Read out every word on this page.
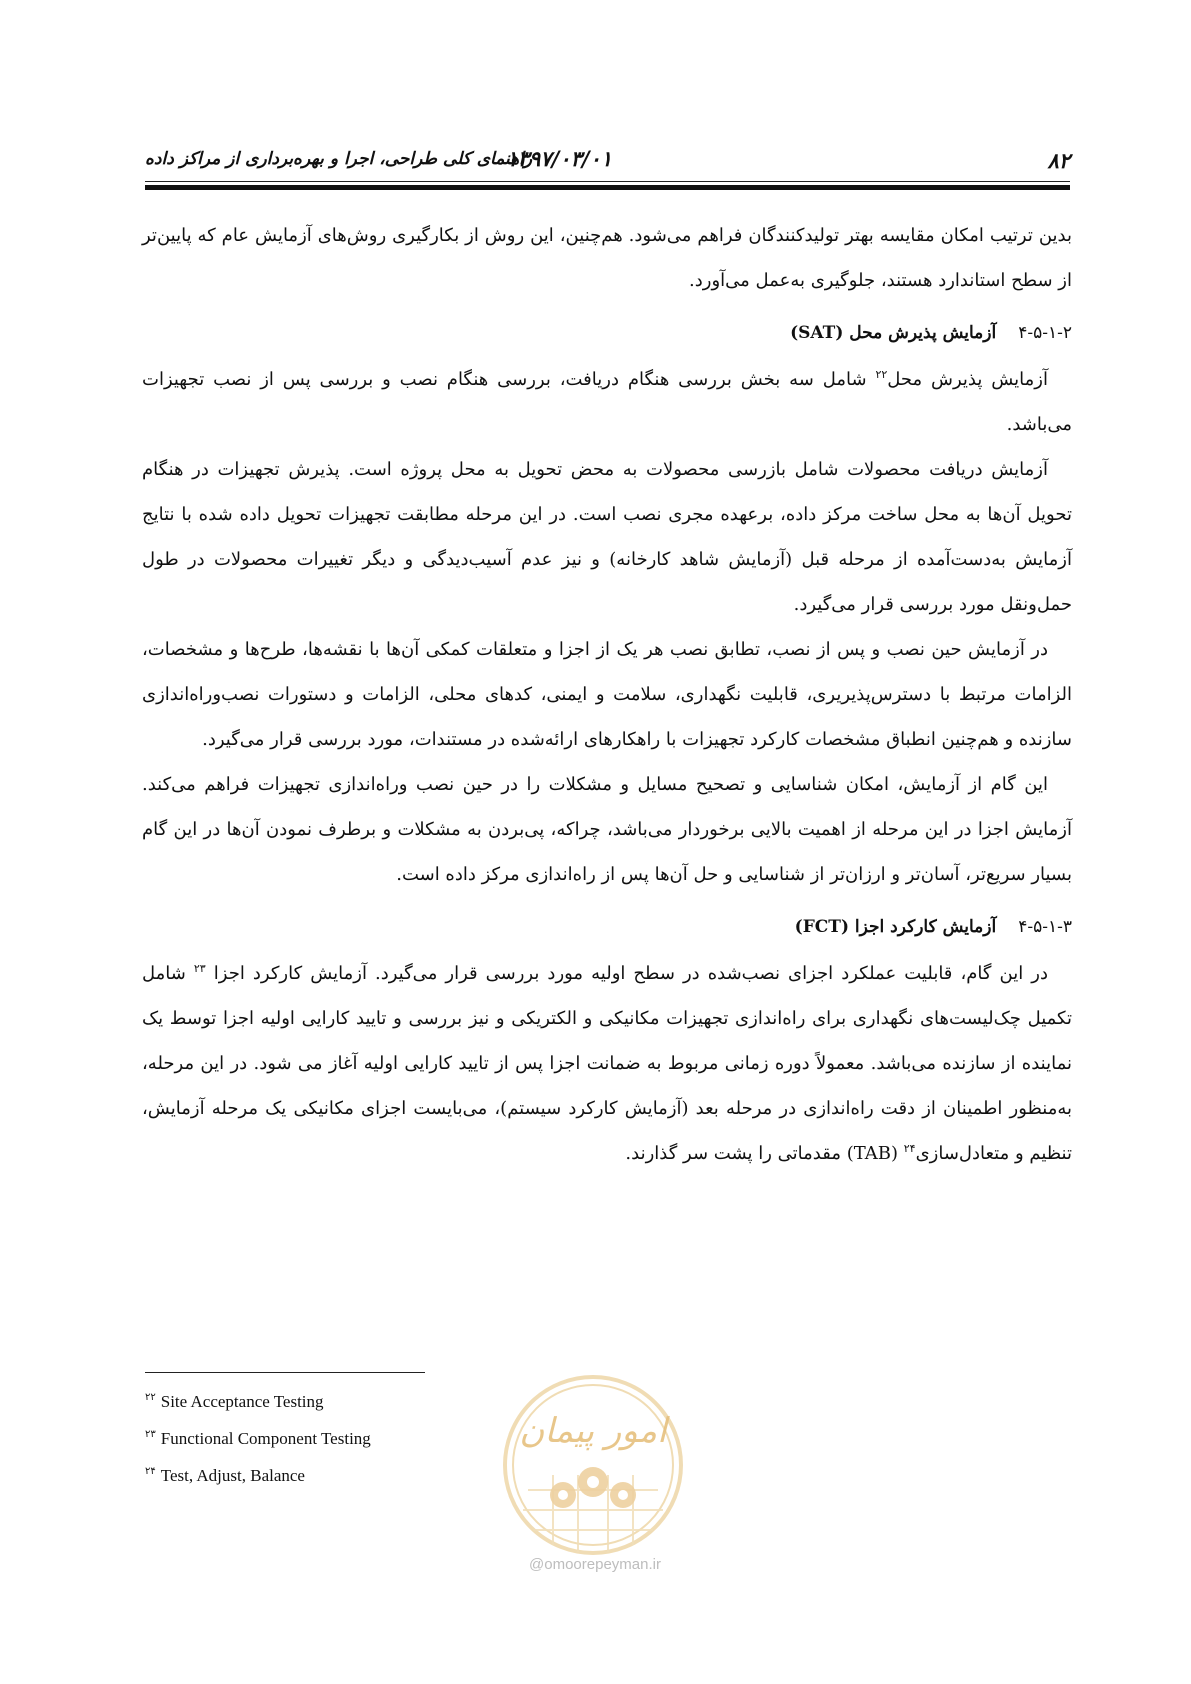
۸۲
۱۳۹۷/۰۳/۰۱
راهنمای کلی طراحی، اجرا و بهره‌برداری از مراکز داده

بدین ترتیب امکان مقایسه بهتر تولیدکنندگان فراهم می‌شود. هم‌چنین، این روش از بکارگیری روش‌های آزمایش عام که پایین‌تر از سطح استاندارد هستند، جلوگیری به‌عمل می‌آورد.

۴-۵-۱-۲آزمایش پذیرش محل (SAT)

آزمایش پذیرش محل$^{۲۲}$ شامل سه بخش بررسی هنگام دریافت، بررسی هنگام نصب و بررسی پس از نصب تجهیزات می‌باشد.

آزمایش دریافت محصولات شامل بازرسی محصولات به محض تحویل به محل پروژه است. پذیرش تجهیزات در هنگام تحویل آن‌ها به محل ساخت مرکز داده، برعهده مجری نصب است. در این مرحله مطابقت تجهیزات تحویل داده شده با نتایج آزمایش به‌دست‌آمده از مرحله قبل (آزمایش شاهد کارخانه) و نیز عدم آسیب‌دیدگی و دیگر تغییرات محصولات در طول حمل‌ونقل مورد بررسی قرار می‌گیرد.

در آزمایش حین نصب و پس از نصب، تطابق نصب هر یک از اجزا و متعلقات کمکی آن‌ها با نقشه‌ها، طرح‌ها و مشخصات، الزامات مرتبط با دسترس‌پذیریری، قابلیت نگهداری، سلامت و ایمنی، کدهای محلی، الزامات و دستورات نصب‌وراه‌اندازی سازنده و هم‌چنین انطباق مشخصات کارکرد تجهیزات با راهکارهای ارائه‌شده در مستندات، مورد بررسی قرار می‌گیرد.

این گام از آزمایش، امکان شناسایی و تصحیح مسایل و مشکلات را در حین نصب وراه‌اندازی تجهیزات فراهم می‌کند. آزمایش اجزا در این مرحله از اهمیت بالایی برخوردار می‌باشد، چراکه، پی‌بردن به مشکلات و برطرف نمودن آن‌ها در این گام بسیار سریع‌تر، آسان‌تر و ارزان‌تر از شناسایی و حل آن‌ها پس از راه‌اندازی مرکز داده است.

۴-۵-۱-۳آزمایش کارکرد اجزا (FCT)

در این گام، قابلیت عملکرد اجزای نصب‌شده در سطح اولیه مورد بررسی قرار می‌گیرد. آزمایش کارکرد اجزا $^{۲۳}$ شامل تکمیل چک‌لیست‌های نگهداری برای راه‌اندازی تجهیزات مکانیکی و الکتریکی و نیز بررسی و تایید کارایی اولیه اجزا توسط یک نماینده از سازنده می‌باشد. معمولاً دوره زمانی مربوط به ضمانت اجزا پس از تایید کارایی اولیه آغاز می شود. در این مرحله، به‌منظور اطمینان از دقت راه‌اندازی در مرحله بعد (آزمایش کارکرد سیستم)، می‌بایست اجزای مکانیکی یک مرحله آزمایش، تنظیم و متعادل‌سازی$^{۲۴}$ (TAB) مقدماتی را پشت سر گذارند.

$^{۲۲}$ Site Acceptance Testing
$^{۲۳}$ Functional Component Testing
$^{۲۴}$ Test, Adjust, Balance
امور پیمان
@omoorepeyman.ir
